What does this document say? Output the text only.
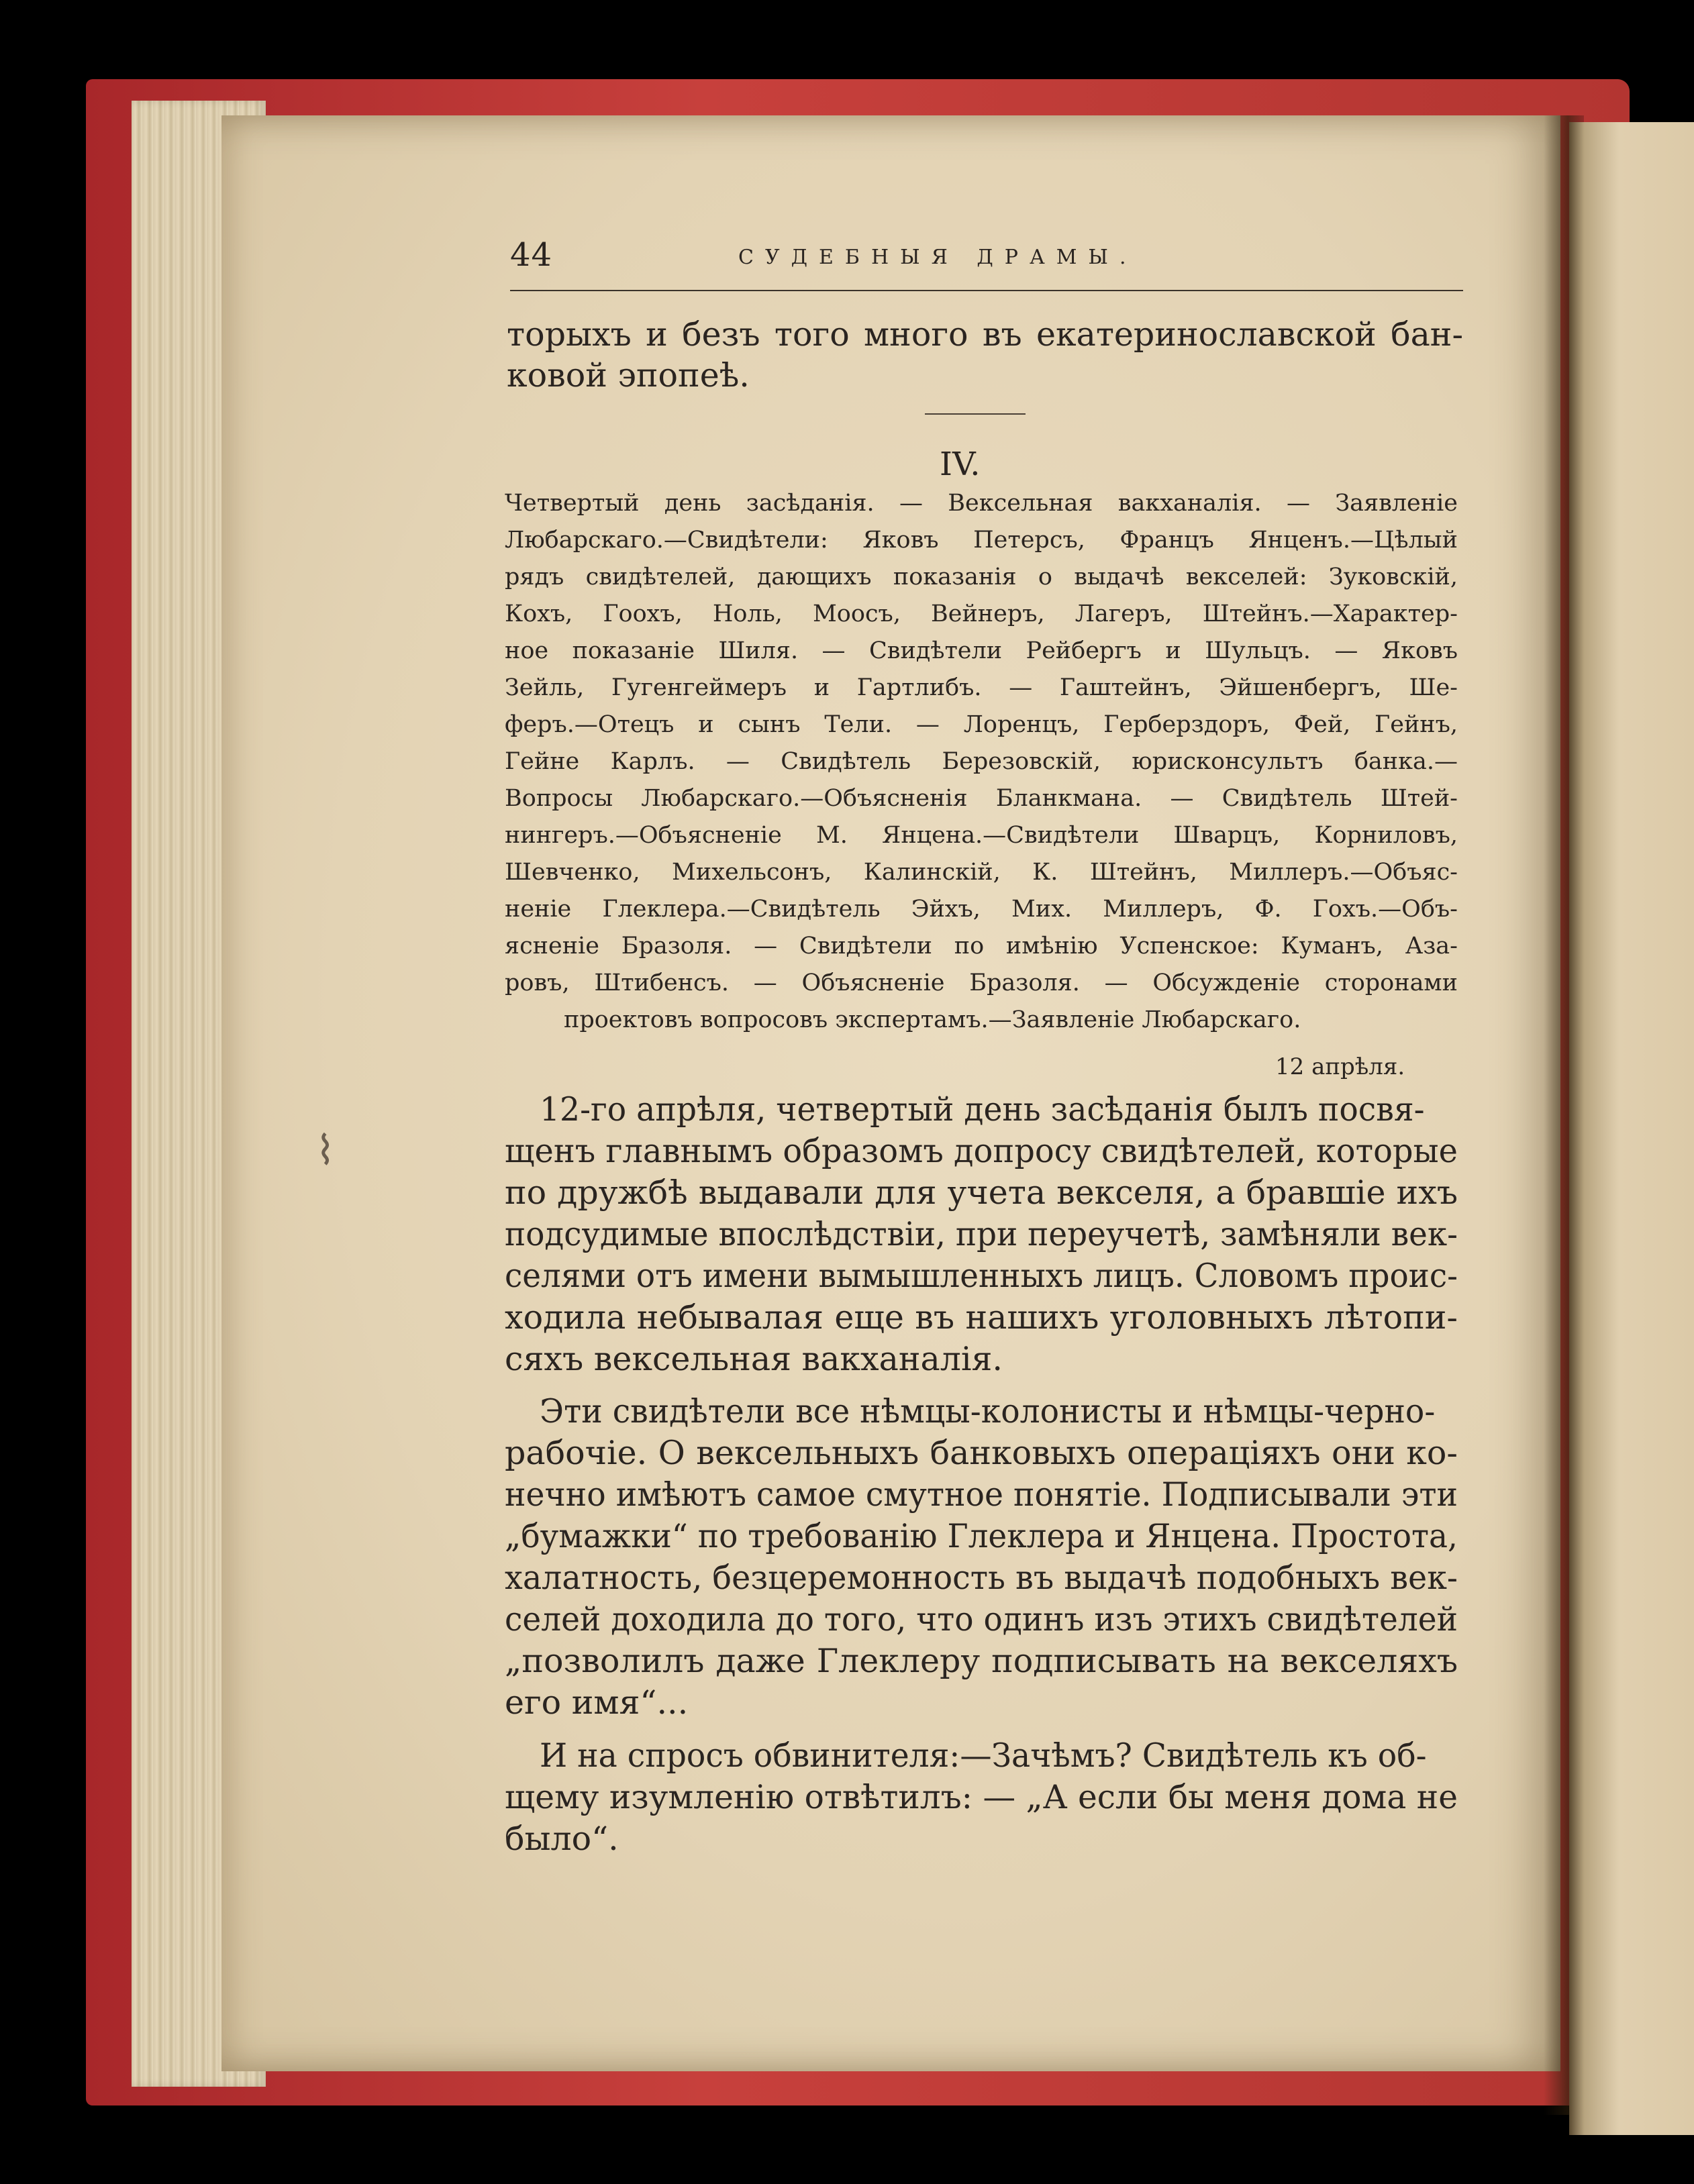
44	СУДЕБНЫЯ ДРАМЫ.
торыхъ и безъ того много въ екатеринославской бан-
ковой эпопеѣ.
IV.
Четвертый день засѣданія. — Вексельная вакханалія. — Заявленіе
Любарскаго.—Свидѣтели: Яковъ Петерсъ, Францъ Янценъ.—Цѣлый
рядъ свидѣтелей, дающихъ показанія о выдачѣ векселей: Зуковскій,
Кохъ, Гоохъ, Ноль, Моосъ, Вейнеръ, Лагеръ, Штейнъ.—Характер-
ное показаніе Шиля. — Свидѣтели Рейбергъ и Шульцъ. — Яковъ
Зейль, Гугенгеймеръ и Гартлибъ. — Гаштейнъ, Эйшенбергъ, Ше-
феръ.—Отецъ и сынъ Тели. — Лоренцъ, Герберздоръ, Фей, Гейнъ,
Гейне Карлъ. — Свидѣтель Березовскій, юрисконсультъ банка.—
Вопросы Любарскаго.—Объясненія Бланкмана. — Свидѣтель Штей-
нингеръ.—Объясненіе М. Янцена.—Свидѣтели Шварцъ, Корниловъ,
Шевченко, Михельсонъ, Калинскій, К. Штейнъ, Миллеръ.—Объяс-
неніе Глеклера.—Свидѣтель Эйхъ, Мих. Миллеръ, Ф. Гохъ.—Объ-
ясненіе Бразоля. — Свидѣтели по имѣнію Успенское: Куманъ, Аза-
ровъ, Штибенсъ. — Объясненіе Бразоля. — Обсужденіе сторонами
проектовъ вопросовъ экспертамъ.—Заявленіе Любарскаго.
12 апрѣля.
12-го апрѣля, четвертый день засѣданія былъ посвя-
щенъ главнымъ образомъ допросу свидѣтелей, которые
по дружбѣ выдавали для учета векселя, а бравшіе ихъ
подсудимые впослѣдствіи, при переучетѣ, замѣняли век-
селями отъ имени вымышленныхъ лицъ. Словомъ проис-
ходила небывалая еще въ нашихъ уголовныхъ лѣтопи-
сяхъ вексельная вакханалія.
Эти свидѣтели все нѣмцы-колонисты и нѣмцы-черно-
рабочіе. О вексельныхъ банковыхъ операціяхъ они ко-
нечно имѣютъ самое смутное понятіе. Подписывали эти
„бумажки“ по требованію Глеклера и Янцена. Простота,
халатность, безцеремонность въ выдачѣ подобныхъ век-
селей доходила до того, что одинъ изъ этихъ свидѣтелей
„позволилъ даже Глеклеру подписывать на векселяхъ
его имя“...
И на спросъ обвинителя:—Зачѣмъ? Свидѣтель къ об-
щему изумленію отвѣтилъ: — „А если бы меня дома не
было“.
⌇
